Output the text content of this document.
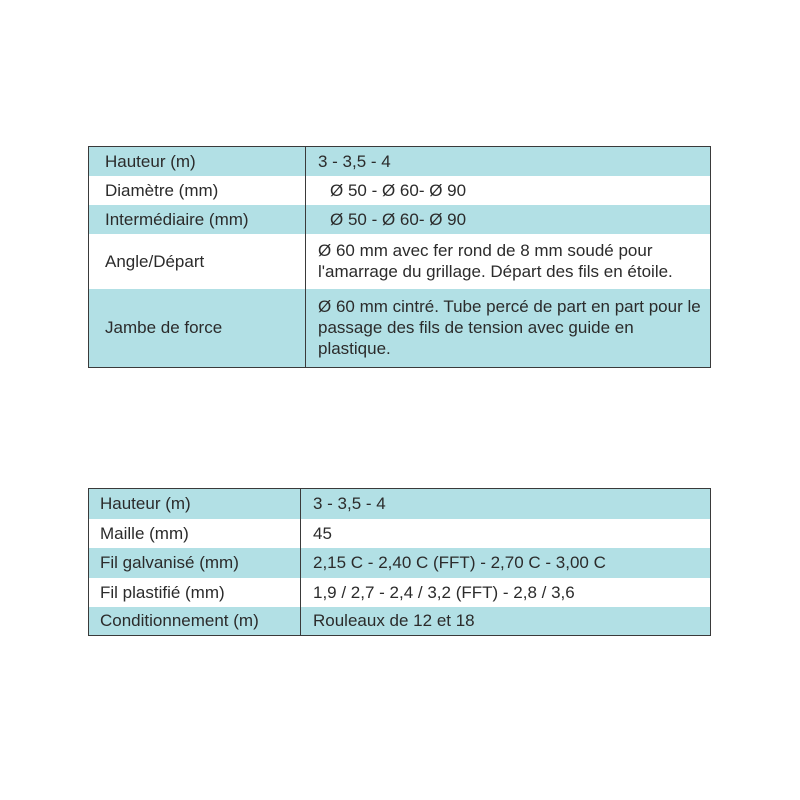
Hauteur (m)	3 - 3,5 - 4
Diamètre (mm)	Ø 50 - Ø 60- Ø 90
Intermédiaire (mm)	Ø 50 - Ø 60- Ø 90
Angle/Départ	Ø 60 mm avec fer rond de 8 mm soudé pour l'amarrage du grillage. Départ des fils en étoile.
Jambe de force	Ø 60 mm cintré. Tube percé de part en part pour le passage des fils de tension avec guide en plastique.
Hauteur (m)	3 - 3,5 - 4
Maille (mm)	45
Fil galvanisé (mm)	2,15 C - 2,40 C (FFT) - 2,70 C - 3,00 C
Fil plastifié (mm)	1,9 / 2,7 - 2,4 / 3,2 (FFT) - 2,8 / 3,6
Conditionnement (m)	Rouleaux de 12 et 18
